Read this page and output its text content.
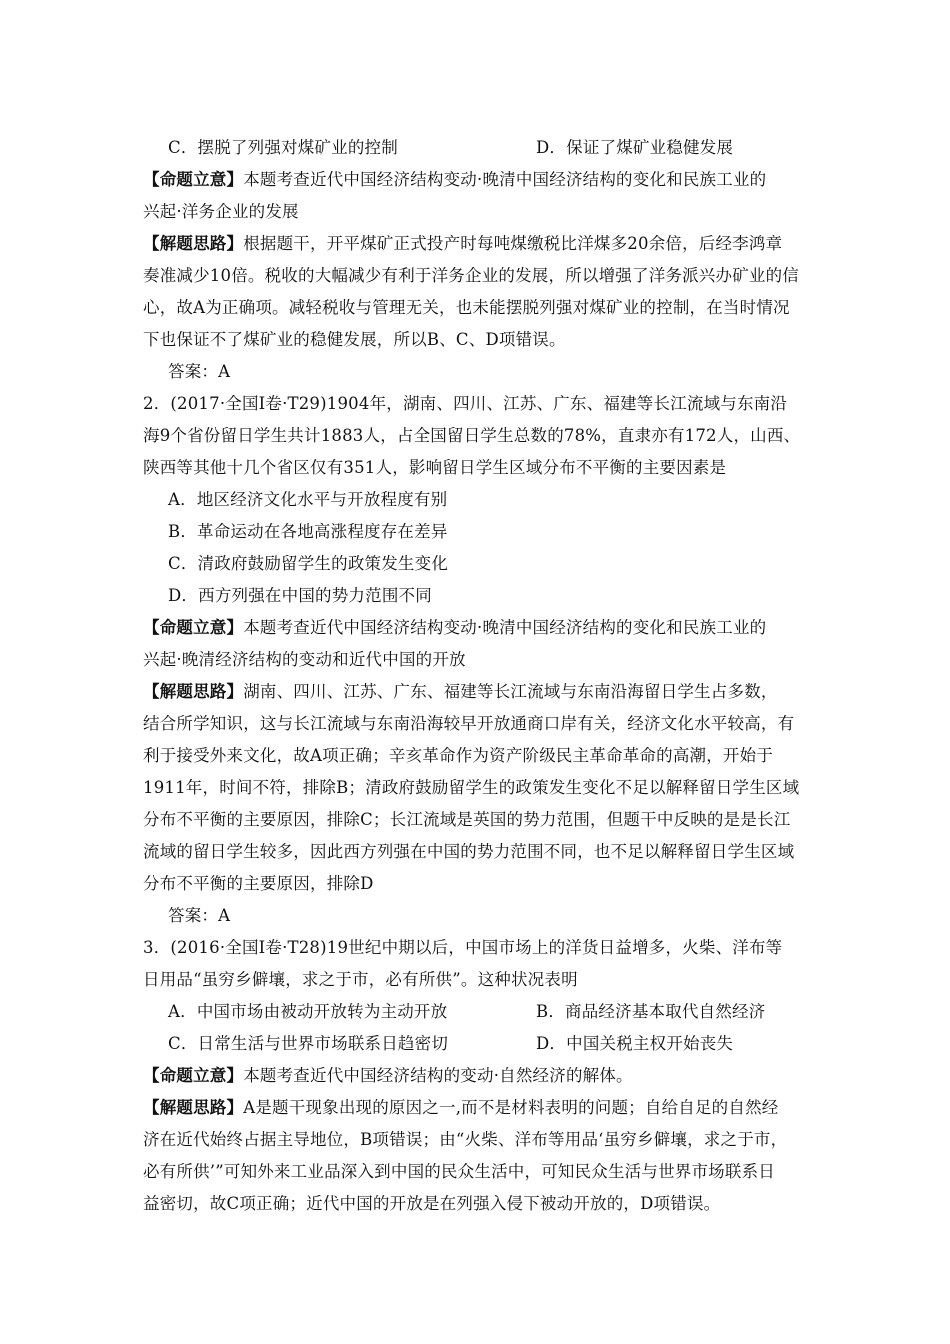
C．摆脱了列强对煤矿业的控制	D．保证了煤矿业稳健发展
【命题立意】本题考查近代中国经济结构变动·晚清中国经济结构的变化和民族工业的
兴起·洋务企业的发展
【解题思路】根据题干，开平煤矿正式投产时每吨煤缴税比洋煤多20余倍，后经李鸿章
奏准减少10倍。税收的大幅减少有利于洋务企业的发展，所以增强了洋务派兴办矿业的信
心，故A为正确项。减轻税收与管理无关，也未能摆脱列强对煤矿业的控制，在当时情况
下也保证不了煤矿业的稳健发展，所以B、C、D项错误。
答案：A
2．(2017·全国Ⅰ卷·T29)1904年，湖南、四川、江苏、广东、福建等长江流域与东南沿
海9个省份留日学生共计1883人，占全国留日学生总数的78%，直隶亦有172人，山西、
陕西等其他十几个省区仅有351人，影响留日学生区域分布不平衡的主要因素是
A．地区经济文化水平与开放程度有别
B．革命运动在各地高涨程度存在差异
C．清政府鼓励留学生的政策发生变化
D．西方列强在中国的势力范围不同
【命题立意】本题考查近代中国经济结构变动·晚清中国经济结构的变化和民族工业的
兴起·晚清经济结构的变动和近代中国的开放
【解题思路】湖南、四川、江苏、广东、福建等长江流域与东南沿海留日学生占多数，
结合所学知识，这与长江流域与东南沿海较早开放通商口岸有关，经济文化水平较高，有
利于接受外来文化，故A项正确；辛亥革命作为资产阶级民主革命革命的高潮，开始于
1911年，时间不符，排除B；清政府鼓励留学生的政策发生变化不足以解释留日学生区域
分布不平衡的主要原因，排除C；长江流域是英国的势力范围，但题干中反映的是是长江
流域的留日学生较多，因此西方列强在中国的势力范围不同，也不足以解释留日学生区域
分布不平衡的主要原因，排除D
答案：A
3．(2016·全国Ⅰ卷·T28)19世纪中期以后，中国市场上的洋货日益增多，火柴、洋布等
日用品“虽穷乡僻壤，求之于市，必有所供”。这种状况表明
A．中国市场由被动开放转为主动开放	B．商品经济基本取代自然经济
C．日常生活与世界市场联系日趋密切	D．中国关税主权开始丧失
【命题立意】本题考查近代中国经济结构的变动·自然经济的解体。
【解题思路】A是题干现象出现的原因之一,而不是材料表明的问题；自给自足的自然经
济在近代始终占据主导地位，B项错误；由“火柴、洋布等用品‘虽穷乡僻壤，求之于市，
必有所供’”可知外来工业品深入到中国的民众生活中，可知民众生活与世界市场联系日
益密切，故C项正确；近代中国的开放是在列强入侵下被动开放的，D项错误。
